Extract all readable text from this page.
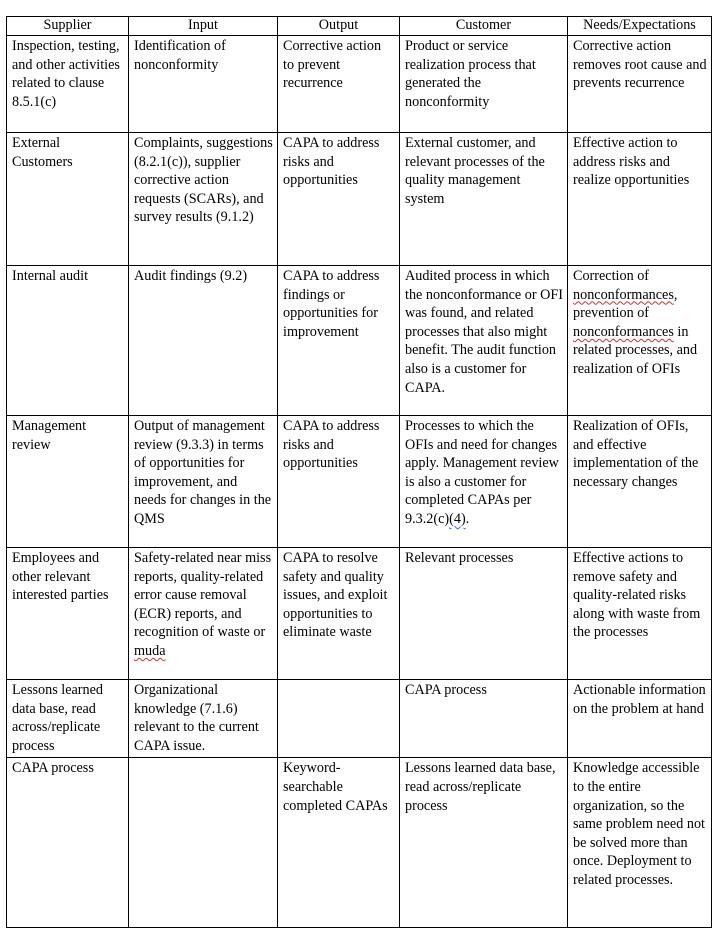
Supplier	Input	Output	Customer	Needs/Expectations
Inspection, testing, and other activities related to clause 8.5.1(c)	Identification of nonconformity	Corrective action to prevent recurrence	Product or service realization process that generated the nonconformity	Corrective action removes root cause and prevents recurrence
External Customers	Complaints, suggestions (8.2.1(c)), supplier corrective action requests (SCARs), and survey results (9.1.2)	CAPA to address risks and opportunities	External customer, and relevant processes of the quality management system	Effective action to address risks and realize opportunities
Internal audit	Audit findings (9.2)	CAPA to address findings or opportunities for improvement	Audited process in which the nonconformance or OFI was found, and related processes that also might benefit. The audit function also is a customer for CAPA.	Correction of nonconformances, prevention of nonconformances in related processes, and realization of OFIs
Management review	Output of management review (9.3.3) in terms of opportunities for improvement, and needs for changes in the QMS	CAPA to address risks and opportunities	Processes to which the OFIs and need for changes apply. Management review is also a customer for completed CAPAs per 9.3.2(c)(4).	Realization of OFIs, and effective implementation of the necessary changes
Employees and other relevant interested parties	Safety-related near miss reports, quality-related error cause removal (ECR) reports, and recognition of waste or muda	CAPA to resolve safety and quality issues, and exploit opportunities to eliminate waste	Relevant processes	Effective actions to remove safety and quality-related risks along with waste from the processes
Lessons learned data base, read across/replicate process	Organizational knowledge (7.1.6) relevant to the current CAPA issue.		CAPA process	Actionable information on the problem at hand
CAPA process		Keyword-searchable completed CAPAs	Lessons learned data base, read across/replicate process	Knowledge accessible to the entire organization, so the same problem need not be solved more than once. Deployment to related processes.
